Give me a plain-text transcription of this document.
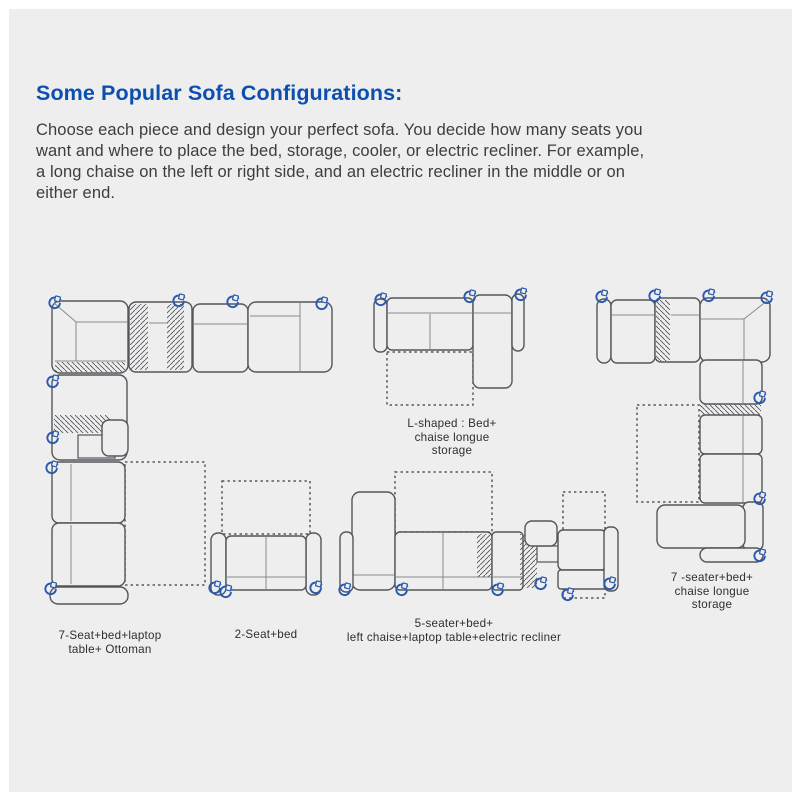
Some Popular Sofa Configurations:

Choose each piece and design your perfect sofa. You decide how many seats you
want and where to place the bed, storage, cooler, or electric recliner. For example,
a long chaise on the left or right side, and an electric recliner in the middle or on
either end.

7-Seat+bed+laptop
table+ Ottoman
2-Seat+bed
L-shaped : Bed+
chaise longue
storage
5-seater+bed+
left chaise+laptop table+electric recliner
7 -seater+bed+
chaise longue
storage
